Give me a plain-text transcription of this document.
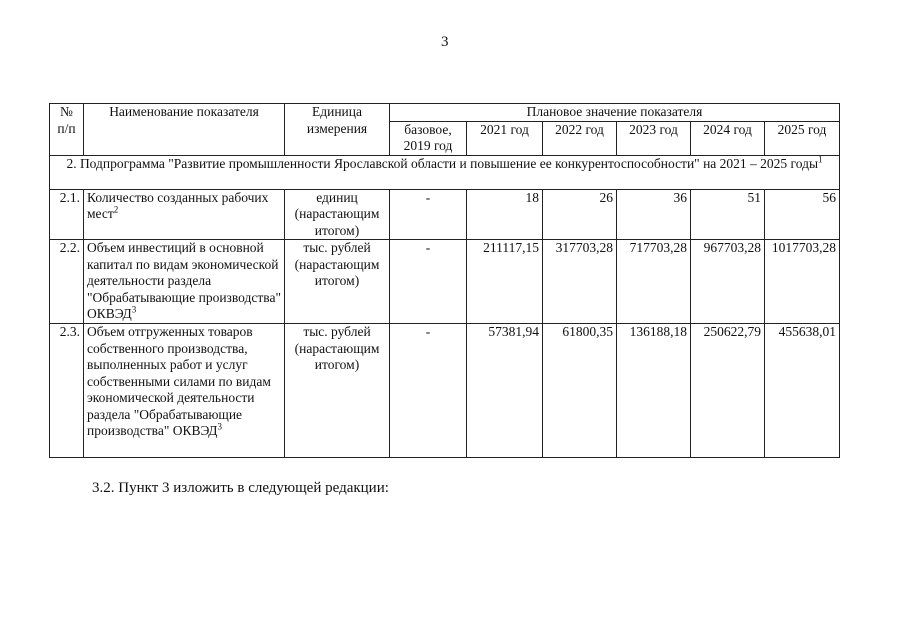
3
№ п/п	Наименование показателя	Единица измерения	Плановое значение показателя					
			базовое, 2019 год	2021 год	2022 год	2023 год	2024 год	2025 год
2. Подпрограмма "Развитие промышленности Ярославской области и повышение ее конкурентоспособности" на 2021 – 2025 годы$^1$
2.1.	Количество созданных рабочих мест$^2$	единиц (нарастающим итогом)	-	18	26	36	51	56
2.2.	Объем инвестиций в основной капитал по видам экономической деятельности раздела "Обрабатывающие производства" ОКВЭД$^3$	тыс. рублей (нарастающим итогом)	-	211117,15	317703,28	717703,28	967703,28	1017703,28
2.3.	Объем отгруженных товаров собственного производства, выполненных работ и услуг собственными силами по видам экономической деятельности раздела "Обрабатывающие производства" ОКВЭД$^3$	тыс. рублей (нарастающим итогом)	-	57381,94	61800,35	136188,18	250622,79	455638,01
3.2. Пункт 3 изложить в следующей редакции:
